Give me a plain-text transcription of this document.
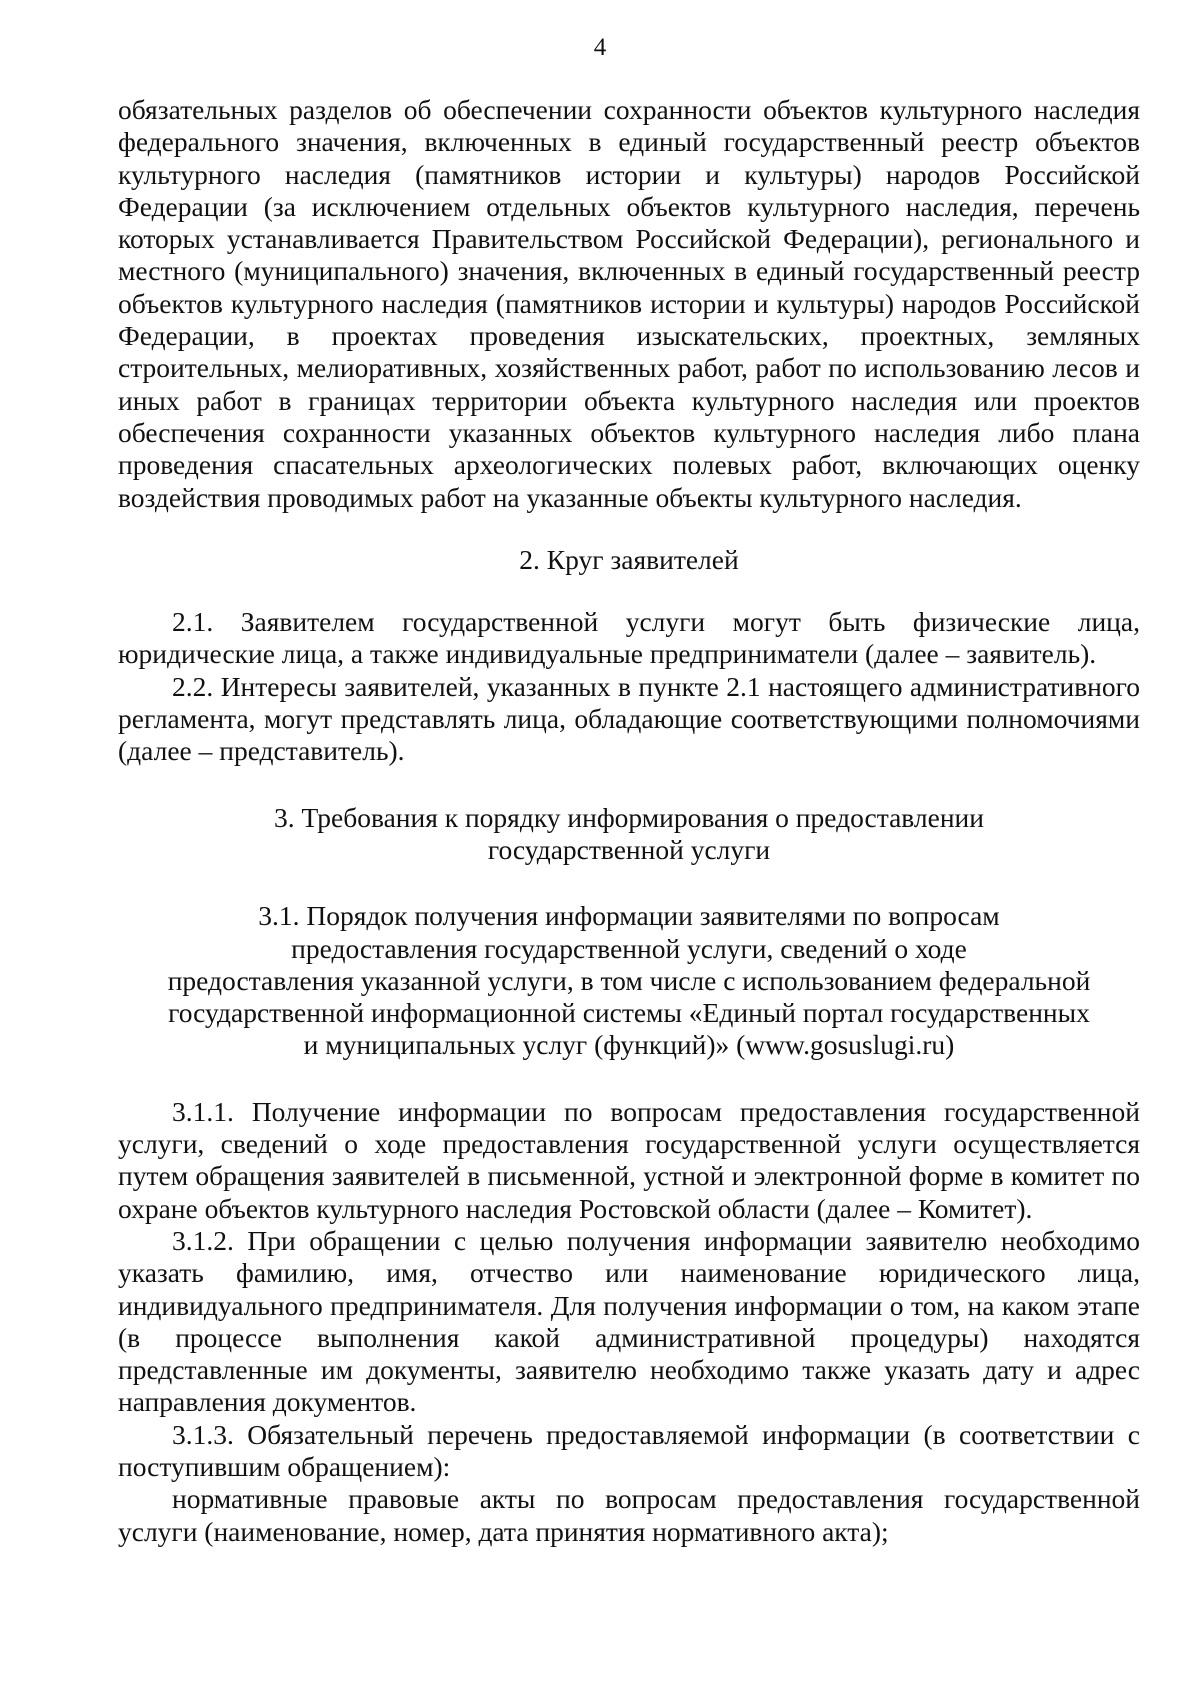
4

обязательных разделов об обеспечении сохранности объектов культурного наследия федерального значения, включенных в единый государственный реестр объектов культурного наследия (памятников истории и культуры) народов Российской Федерации (за исключением отдельных объектов культурного наследия, перечень которых устанавливается Правительством Российской Федерации), регионального и местного (муниципального) значения, включенных в единый государственный реестр объектов культурного наследия (памятников истории и культуры) народов Российской Федерации, в проектах проведения изыскательских, проектных, земляных строительных, мелиоративных, хозяйственных работ, работ по использованию лесов и иных работ в границах территории объекта культурного наследия или проектов обеспечения сохранности указанных объектов культурного наследия либо плана проведения спасательных археологических полевых работ, включающих оценку воздействия проводимых работ на указанные объекты культурного наследия.

2. Круг заявителей

2.1. Заявителем государственной услуги могут быть физические лица, юридические лица, а также индивидуальные предприниматели (далее – заявитель).

2.2. Интересы заявителей, указанных в пункте 2.1 настоящего административного регламента, могут представлять лица, обладающие соответствующими полномочиями (далее – представитель).

3. Требования к порядку информирования о предоставлении
государственной услуги
3.1. Порядок получения информации заявителями по вопросам
предоставления государственной услуги, сведений о ходе
предоставления указанной услуги, в том числе с использованием федеральной
государственной информационной системы «Единый портал государственных
и муниципальных услуг (функций)» (www.gosuslugi.ru)

3.1.1. Получение информации по вопросам предоставления государственной услуги, сведений о ходе предоставления государственной услуги осуществляется путем обращения заявителей в письменной, устной и электронной форме в комитет по охране объектов культурного наследия Ростовской области (далее – Комитет).

3.1.2. При обращении с целью получения информации заявителю необходимо указать фамилию, имя, отчество или наименование юридического лица, индивидуального предпринимателя. Для получения информации о том, на каком этапе (в процессе выполнения какой административной процедуры) находятся представленные им документы, заявителю необходимо также указать дату и адрес направления документов.

3.1.3. Обязательный перечень предоставляемой информации (в соответствии с поступившим обращением):

нормативные правовые акты по вопросам предоставления государственной услуги (наименование, номер, дата принятия нормативного акта);
